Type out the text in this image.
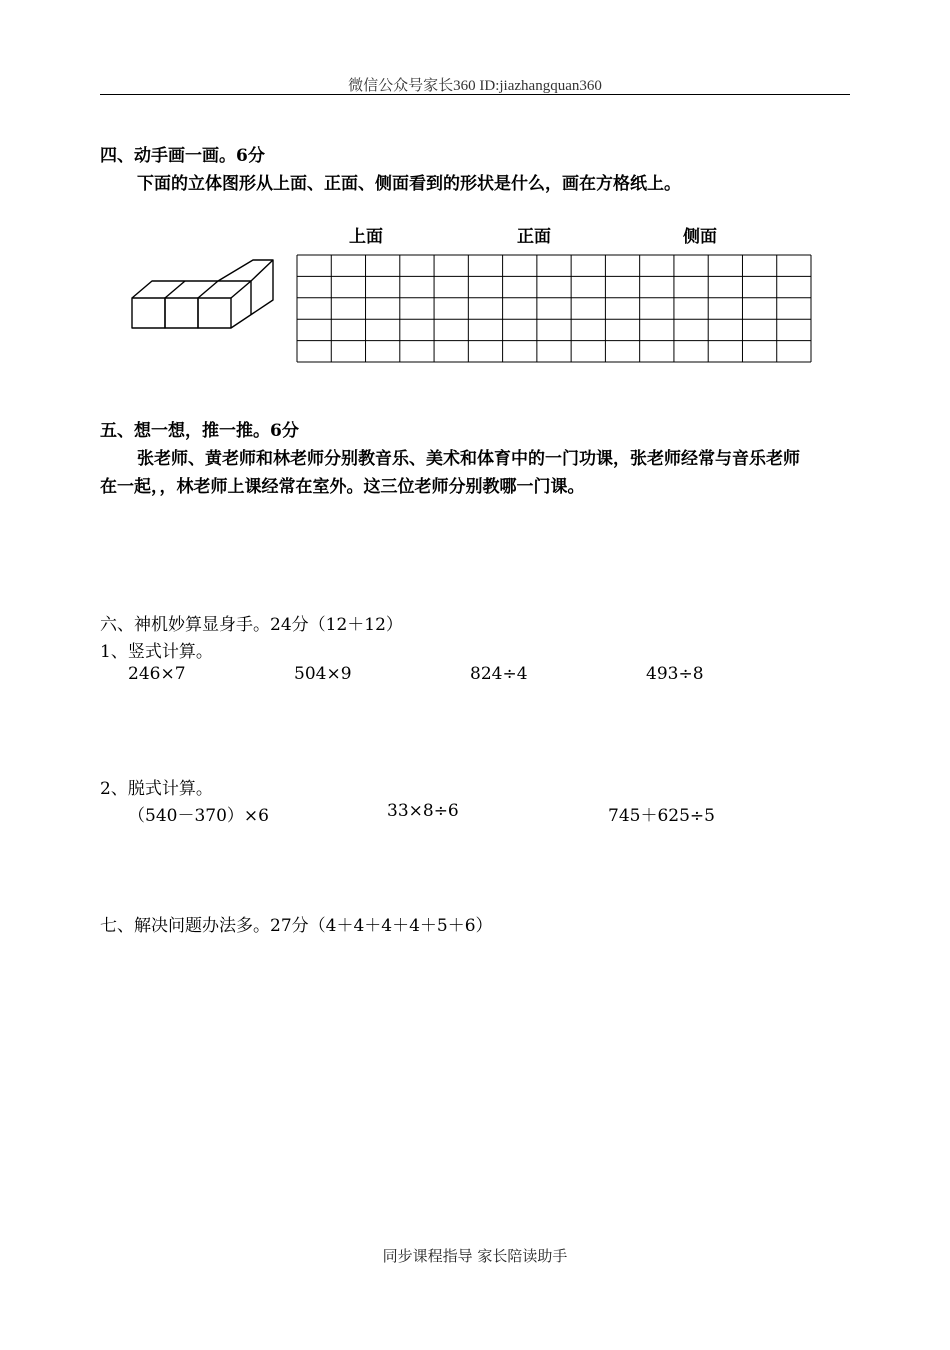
微信公众号家长360 ID:jiazhangquan360
四、动手画一画。6分
下面的立体图形从上面、正面、侧面看到的形状是什么，画在方格纸上。
上面	正面	侧面
五、想一想，推一推。6分
张老师、黄老师和林老师分别教音乐、美术和体育中的一门功课，张老师经常与音乐老师
在一起，，林老师上课经常在室外。这三位老师分别教哪一门课。
六、神机妙算显身手。24分（12＋12）
1、竖式计算。
246×7	504×9	824÷4	493÷8
2、脱式计算。
（540－370）×6	33×8÷6	745＋625÷5
七、解决问题办法多。27分（4＋4＋4＋4＋5＋6）
同步课程指导 家长陪读助手
